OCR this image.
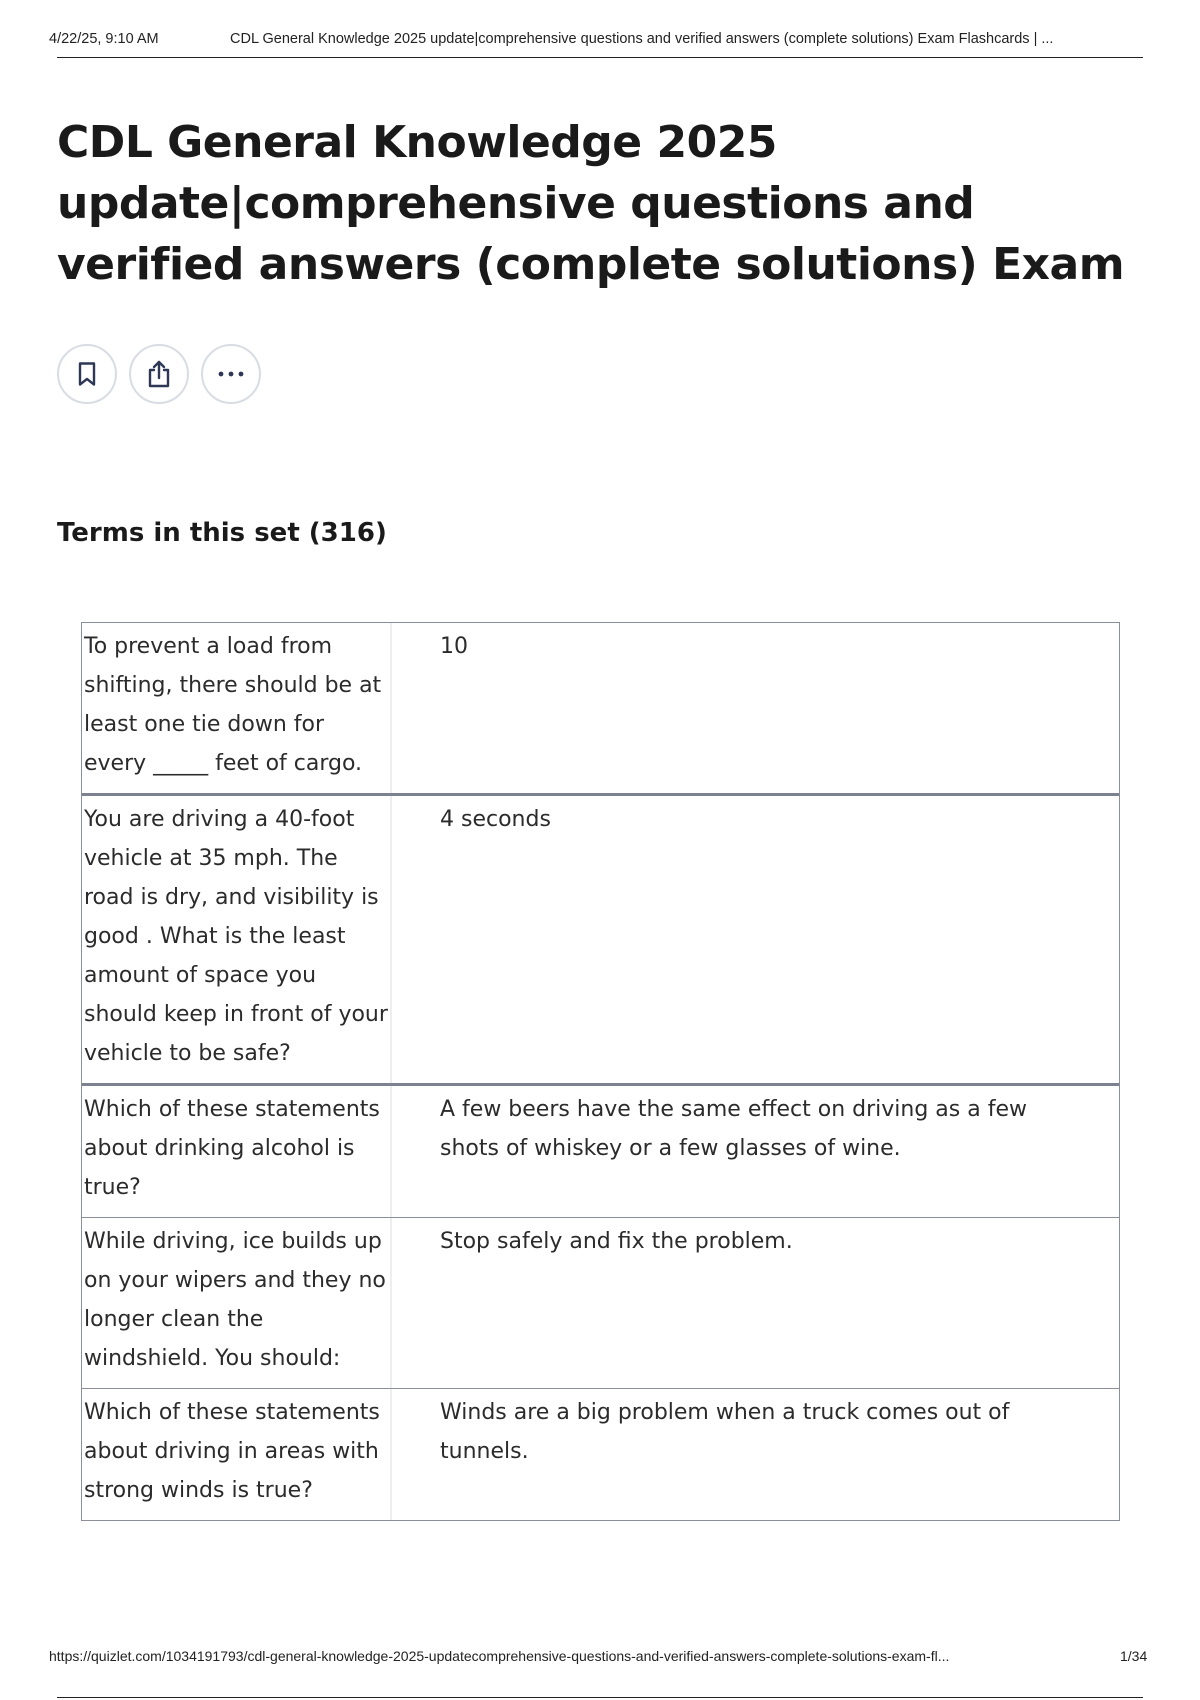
4/22/25, 9:10 AM	CDL General Knowledge 2025 update|comprehensive questions and verified answers (complete solutions) Exam Flashcards | ...
CDL General Knowledge 2025 update|comprehensive questions and verified answers (complete solutions) Exam
Terms in this set (316)
To prevent a load from shifting, there should be at least one tie down for every _____ feet of cargo.
10
You are driving a 40-foot vehicle at 35 mph. The road is dry, and visibility is good . What is the least amount of space you should keep in front of your vehicle to be safe?
4 seconds
Which of these statements about drinking alcohol is true?
A few beers have the same effect on driving as a few shots of whiskey or a few glasses of wine.
While driving, ice builds up on your wipers and they no longer clean the windshield. You should:
Stop safely and fix the problem.
Which of these statements about driving in areas with strong winds is true?
Winds are a big problem when a truck comes out of tunnels.
https://quizlet.com/1034191793/cdl-general-knowledge-2025-updatecomprehensive-questions-and-verified-answers-complete-solutions-exam-fl...	1/34
